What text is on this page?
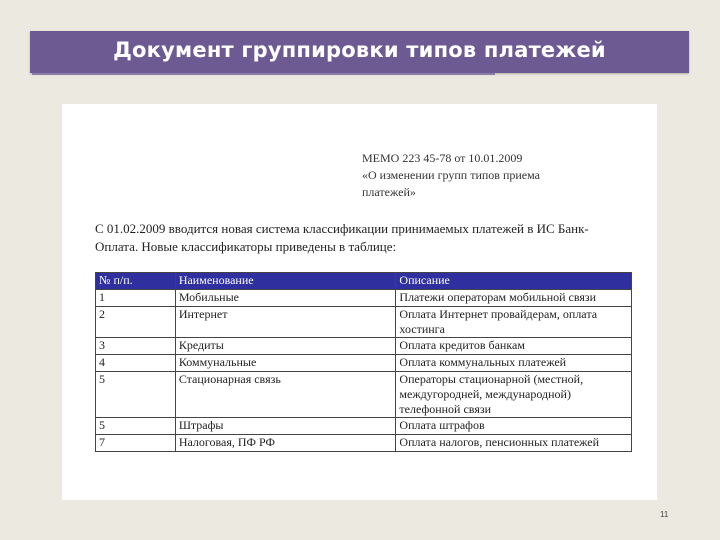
Документ группировки типов платежей
МЕМО 223 45-78 от 10.01.2009
«О изменении групп типов приема
платежей»
С 01.02.2009 вводится новая система классификации принимаемых платежей в ИС Банк-
Оплата. Новые классификаторы приведены в таблице:
№ п/п.	Наименование	Описание
1	Мобильные	Платежи операторам мобильной связи
2	Интернет	Оплата Интернет провайдерам, оплата хостинга
3	Кредиты	Оплата кредитов банкам
4	Коммунальные	Оплата коммунальных платежей
5	Стационарная связь	Операторы стационарной (местной, междугородней, международной) телефонной связи
5	Штрафы	Оплата штрафов
7	Налоговая, ПФ РФ	Оплата налогов, пенсионных платежей
11
